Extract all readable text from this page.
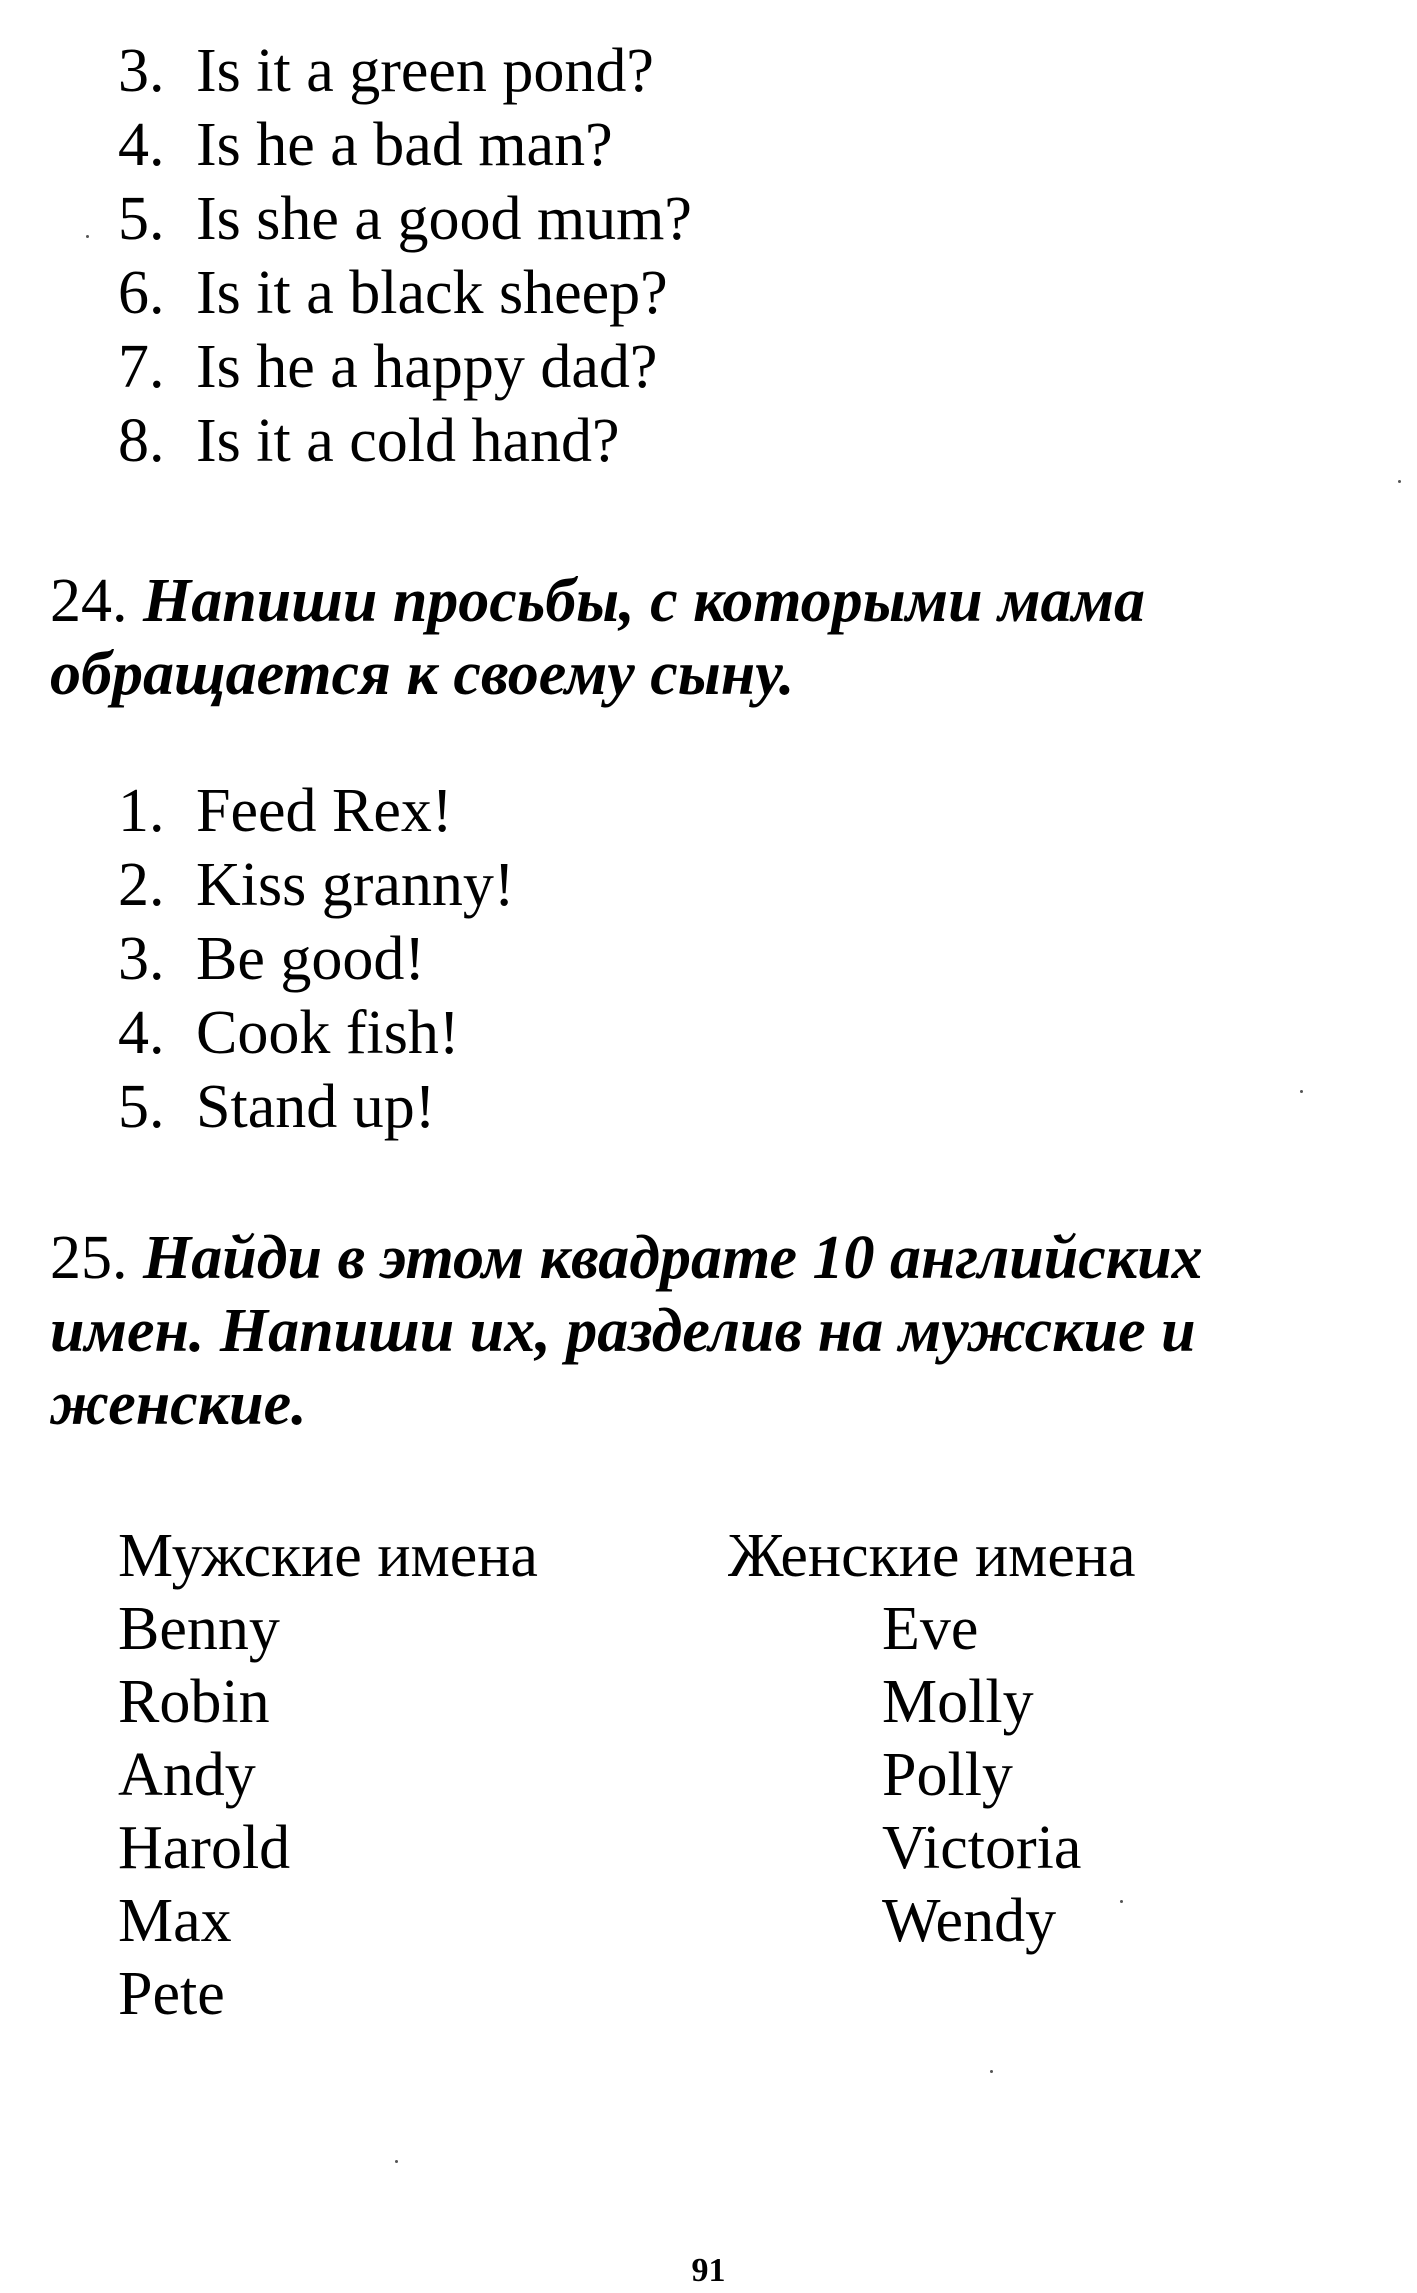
3. Is it a green pond?
4. Is he a bad man?
5. Is she a good mum?
6. Is it a black sheep?
7. Is he a happy dad?
8. Is it a cold hand?
24. Напиши просьбы, с которыми мама обращается к своему сыну.
1. Feed Rex!
2. Kiss granny!
3. Be good!
4. Cook fish!
5. Stand up!
25. Найди в этом квадрате 10 английских имен. Напиши их, разделив на мужские и женские.
Мужские имена
Benny
Robin
Andy
Harold
Max
Pete
Женские имена
Eve
Molly
Polly
Victoria
Wendy
91
